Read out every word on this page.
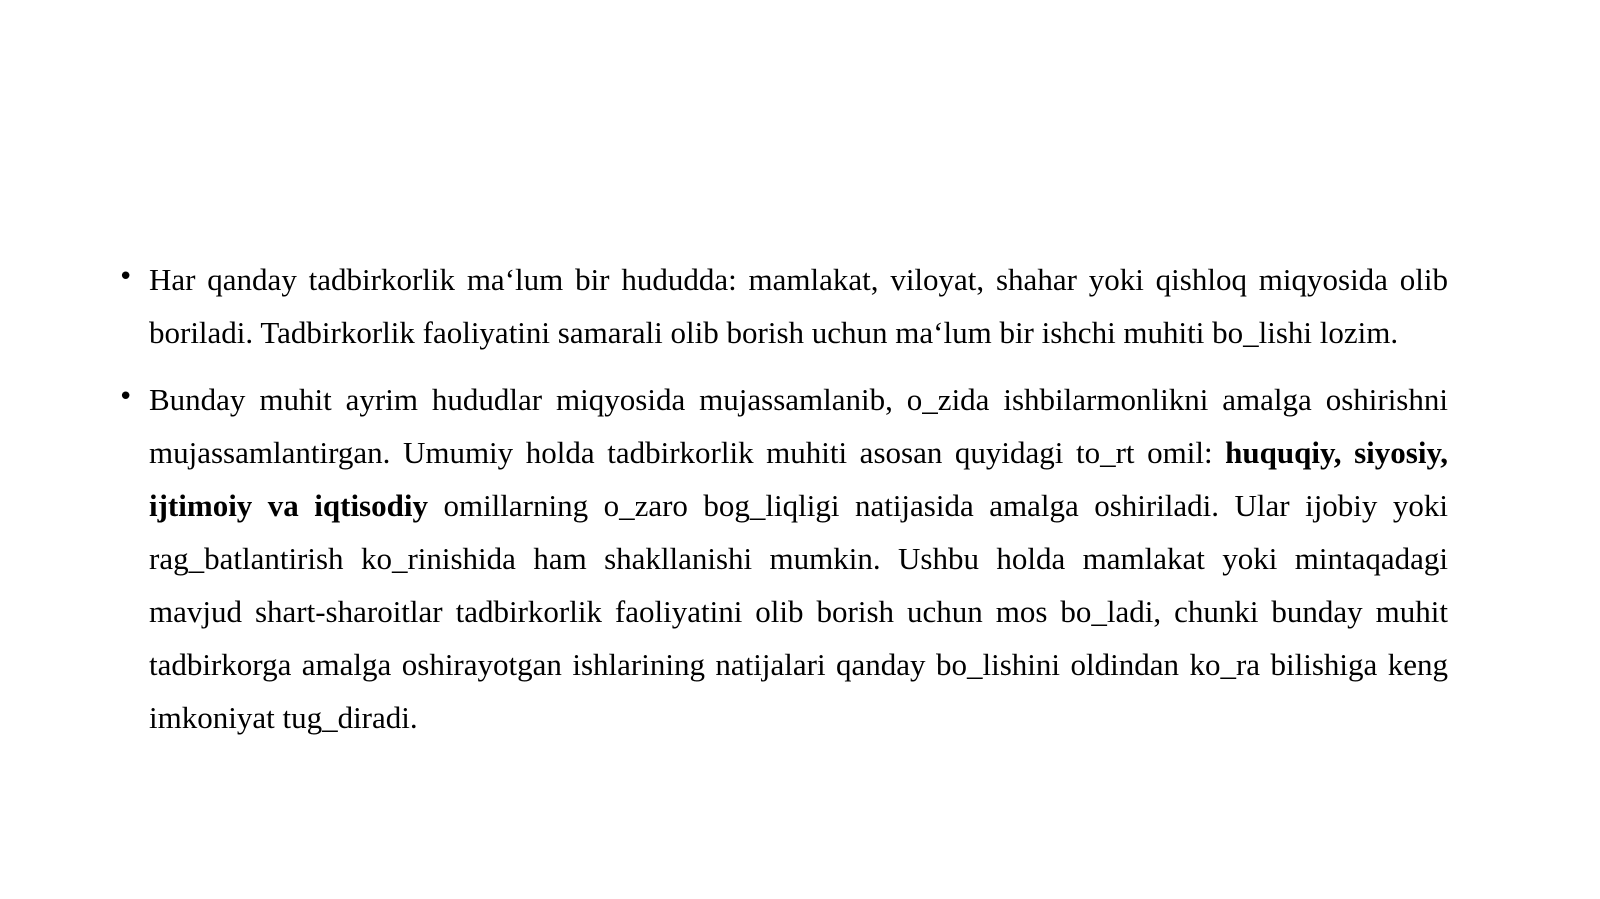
• Har qanday tadbirkorlik ma‘lum bir hududda: mamlakat, viloyat, shahar yoki qishloq miqyosida olib boriladi. Tadbirkorlik faoliyatini samarali olib borish uchun ma‘lum bir ishchi muhiti bo_lishi lozim.

• Bunday muhit ayrim hududlar miqyosida mujassamlanib, o_zida ishbilarmonlikni amalga oshirishni mujassamlantirgan. Umumiy holda tadbirkorlik muhiti asosan quyidagi to_rt omil: huquqiy, siyosiy, ijtimoiy va iqtisodiy omillarning o_zaro bog_liqligi natijasida amalga oshiriladi. Ular ijobiy yoki rag_batlantirish ko_rinishida ham shakllanishi mumkin. Ushbu holda mamlakat yoki mintaqadagi mavjud shart-sharoitlar tadbirkorlik faoliyatini olib borish uchun mos bo_ladi, chunki bunday muhit tadbirkorga amalga oshirayotgan ishlarining natijalari qanday bo_lishini oldindan ko_ra bilishiga keng imkoniyat tug_diradi.
